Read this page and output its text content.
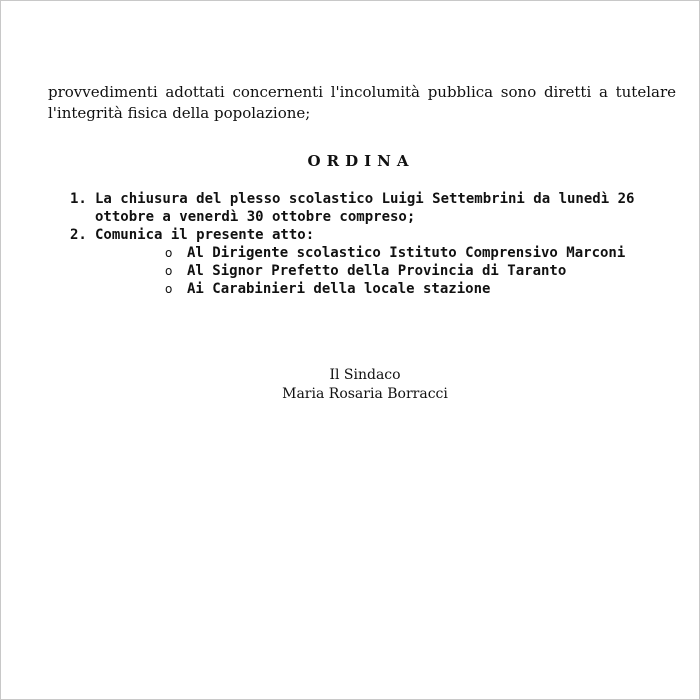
provvedimenti adottati concernenti l'incolumità pubblica sono diretti a tutelare
l'integrità fisica della popolazione;
ORDINA
1. La chiusura del plesso scolastico Luigi Settembrini da lunedì 26 ottobre a venerdì 30 ottobre compreso;
2. Comunica il presente atto:
o Al Dirigente scolastico Istituto Comprensivo Marconi
o Al Signor Prefetto della Provincia di Taranto
o Ai Carabinieri della locale stazione
Il Sindaco
Maria Rosaria Borracci
